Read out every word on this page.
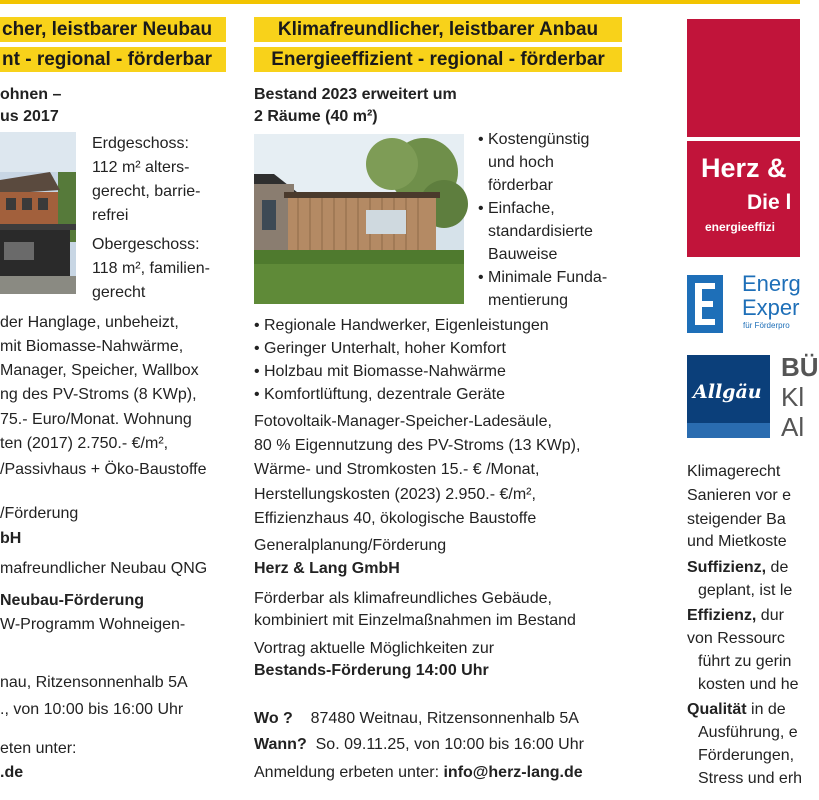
cher, leistbarer Neubau
nt - regional - förderbar
ohnen –
us 2017
Erdgeschoss:
112 m² alters-
gerecht, barrie-
refrei
Obergeschoss:
118 m², familien-
gerecht
der Hanglage, unbeheizt,
mit Biomasse-Nahwärme,
Manager, Speicher, Wallbox
ng des PV-Stroms (8 KWp),
75.- Euro/Monat. Wohnung
ten (2017) 2.750.- €/m²,
/Passivhaus + Öko-Baustoffe
/Förderung
bH
mafreundlicher Neubau QNG
Neubau-Förderung
W-Programm Wohneigen-
nau, Ritzensonnenhalb 5A
., von 10:00 bis 16:00 Uhr
eten unter:
.de
Klimafreundlicher, leistbarer Anbau
Energieeffizient - regional - förderbar
Bestand 2023 erweitert um
2 Räume (40 m²)
• Kostengünstig
und hoch
förderbar
• Einfache,
standardisierte
Bauweise
• Minimale Funda-
mentierung
• Regionale Handwerker, Eigenleistungen
• Geringer Unterhalt, hoher Komfort
• Holzbau mit Biomasse-Nahwärme
• Komfortlüftung, dezentrale Geräte
Fotovoltaik-Manager-Speicher-Ladesäule,
80 % Eigennutzung des PV-Stroms (13 KWp),
Wärme- und Stromkosten 15.- € /Monat,
Herstellungskosten (2023) 2.950.- €/m²,
Effizienzhaus 40, ökologische Baustoffe
Generalplanung/Förderung
Herz & Lang GmbH
Förderbar als klimafreundliches Gebäude,
kombiniert mit Einzelmaßnahmen im Bestand
Vortrag aktuelle Möglichkeiten zur
Bestands-Förderung 14:00 Uhr
Wo ? 87480 Weitnau, Ritzensonnenhalb 5A
Wann? So. 09.11.25, von 10:00 bis 16:00 Uhr
Anmeldung erbeten unter: info@herz-lang.de
Herz &
Die l
energieeffizi
Energ
Exper
für Förderpro
Allgäu
BÜ
Kl
Al
Klimagerecht
Sanieren vor e
steigender Ba
und Mietkoste
Suffizienz, de
geplant, ist le
Effizienz, dur
von Ressourc
führt zu gerin
kosten und he
Qualität in de
Ausführung, e
Förderungen,
Stress und erh
